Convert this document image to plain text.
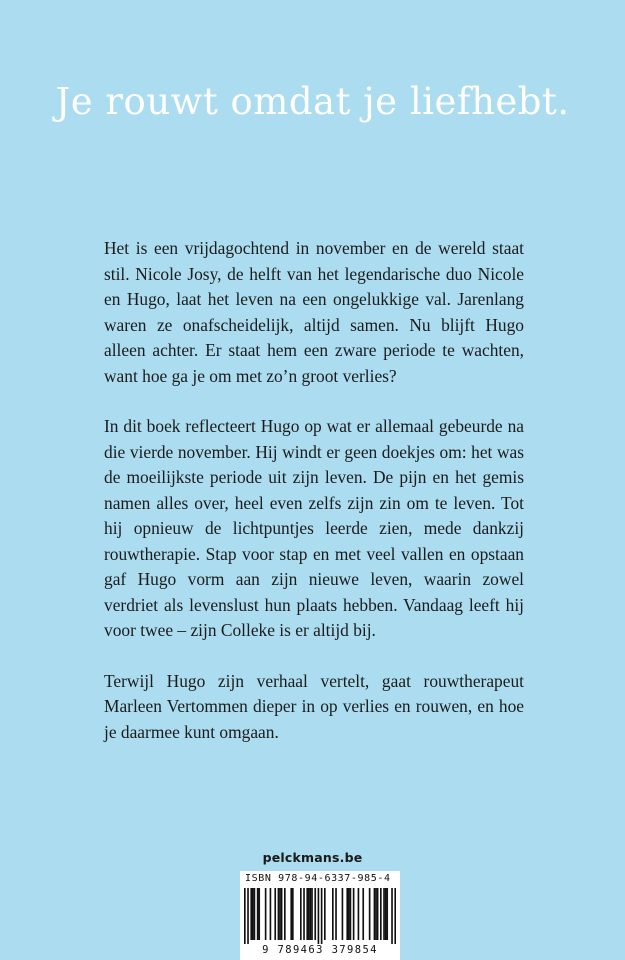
Je rouwt omdat je liefhebt.

Het is een vrijdagochtend in november en de wereld staat stil. Nicole Josy, de helft van het legendarische duo Nicole en Hugo, laat het leven na een ongelukkige val. Jarenlang waren ze onafscheidelijk, altijd samen. Nu blijft Hugo alleen achter. Er staat hem een zware periode te wachten, want hoe ga je om met zo’n groot verlies?

In dit boek reflecteert Hugo op wat er allemaal gebeurde na die vierde november. Hij windt er geen doekjes om: het was de moeilijkste periode uit zijn leven. De pijn en het gemis namen alles over, heel even zelfs zijn zin om te leven. Tot hij opnieuw de lichtpuntjes leerde zien, mede dankzij rouwtherapie. Stap voor stap en met veel vallen en opstaan gaf Hugo vorm aan zijn nieuwe leven, waarin zowel verdriet als levenslust hun plaats hebben. Vandaag leeft hij voor twee – zijn Colleke is er altijd bij.

Terwijl Hugo zijn verhaal vertelt, gaat rouwtherapeut Marleen Vertommen dieper in op verlies en rouwen, en hoe je daarmee kunt omgaan.

pelckmans.be
ISBN 978-94-6337-985-4
9 789463 379854
